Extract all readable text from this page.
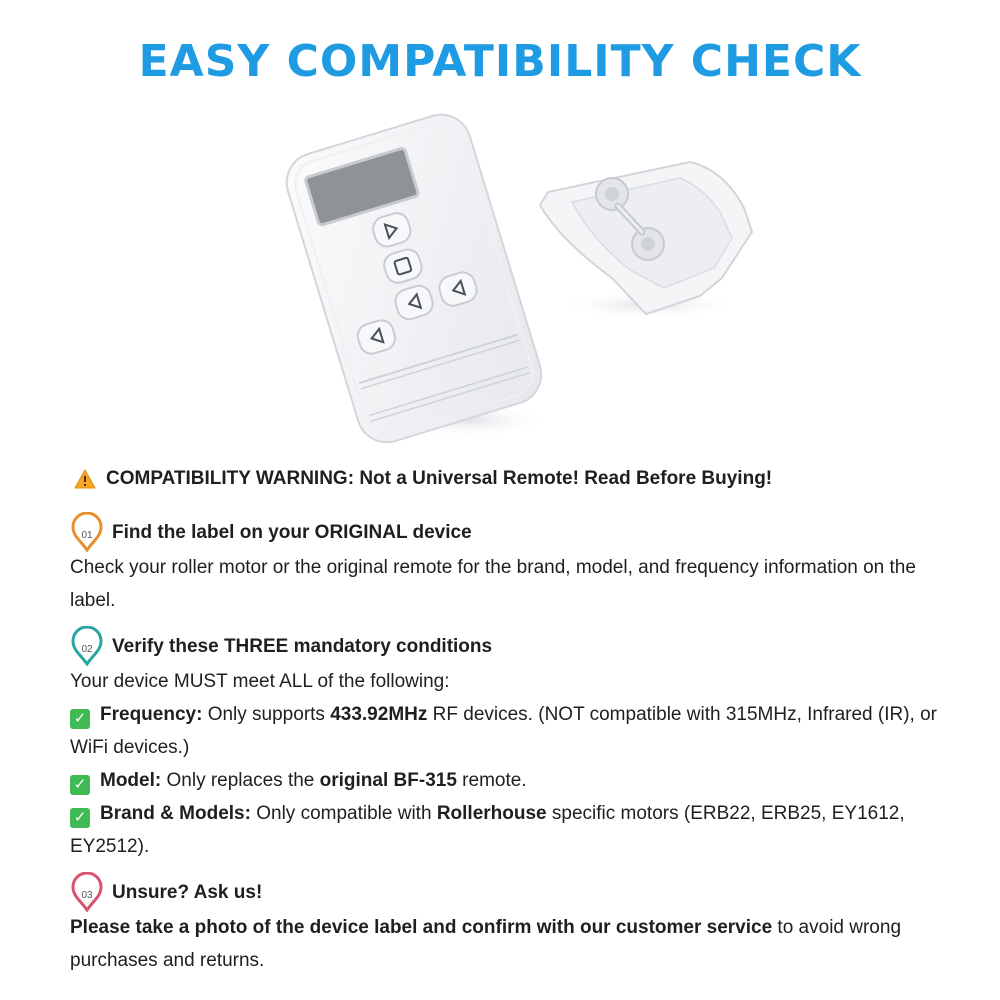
EASY COMPATIBILITY CHECK
COMPATIBILITY WARNING: Not a Universal Remote! Read Before Buying!
01	Find the label on your ORIGINAL device

Check your roller motor or the original remote for the brand, model, and frequency information on the label.

02	Verify these THREE mandatory conditions

Your device MUST meet ALL of the following:

✓ Frequency: Only supports 433.92MHz RF devices. (NOT compatible with 315MHz, Infrared (IR), or WiFi devices.)
✓ Model: Only replaces the original BF-315 remote.
✓ Brand & Models: Only compatible with Rollerhouse specific motors (ERB22, ERB25, EY1612, EY2512).
03	Unsure? Ask us!

Please take a photo of the device label and confirm with our customer service to avoid wrong purchases and returns.
